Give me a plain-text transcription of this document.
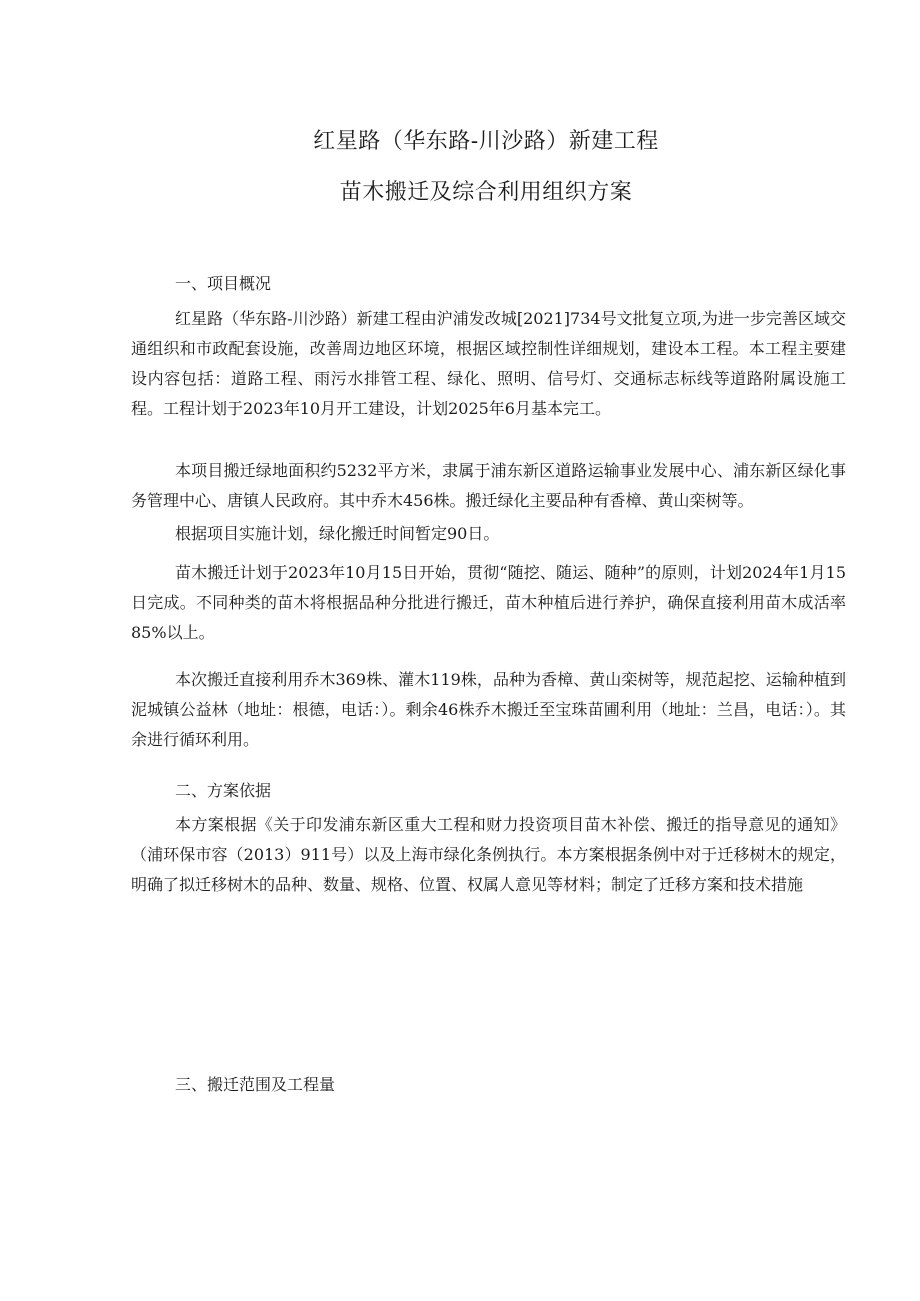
红星路（华东路-川沙路）新建工程
苗木搬迁及综合利用组织方案
一、项目概况

红星路（华东路-川沙路）新建工程由沪浦发改城[2021]734号文批复立项,为进一步完善区域交通组织和市政配套设施，改善周边地区环境，根据区域控制性详细规划，建设本工程。本工程主要建设内容包括：道路工程、雨污水排管工程、绿化、照明、信号灯、交通标志标线等道路附属设施工程。工程计划于2023年10月开工建设，计划2025年6月基本完工。

本项目搬迁绿地面积约5232平方米，隶属于浦东新区道路运输事业发展中心、浦东新区绿化事务管理中心、唐镇人民政府。其中乔木456株。搬迁绿化主要品种有香樟、黄山栾树等。

根据项目实施计划，绿化搬迁时间暂定90日。

苗木搬迁计划于2023年10月15日开始，贯彻“随挖、随运、随种”的原则，计划2024年1月15日完成。不同种类的苗木将根据品种分批进行搬迁，苗木种植后进行养护，确保直接利用苗木成活率85%以上。

本次搬迁直接利用乔木369株、灌木119株，品种为香樟、黄山栾树等，规范起挖、运输种植到泥城镇公益林（地址：根德，电话：）。剩余46株乔木搬迁至宝珠苗圃利用（地址：兰昌，电话：）。其余进行循环利用。

二、方案依据

本方案根据《关于印发浦东新区重大工程和财力投资项目苗木补偿、搬迁的指导意见的通知》（浦环保市容（2013）911号）以及上海市绿化条例执行。本方案根据条例中对于迁移树木的规定，明确了拟迁移树木的品种、数量、规格、位置、权属人意见等材料；制定了迁移方案和技术措施

三、搬迁范围及工程量
